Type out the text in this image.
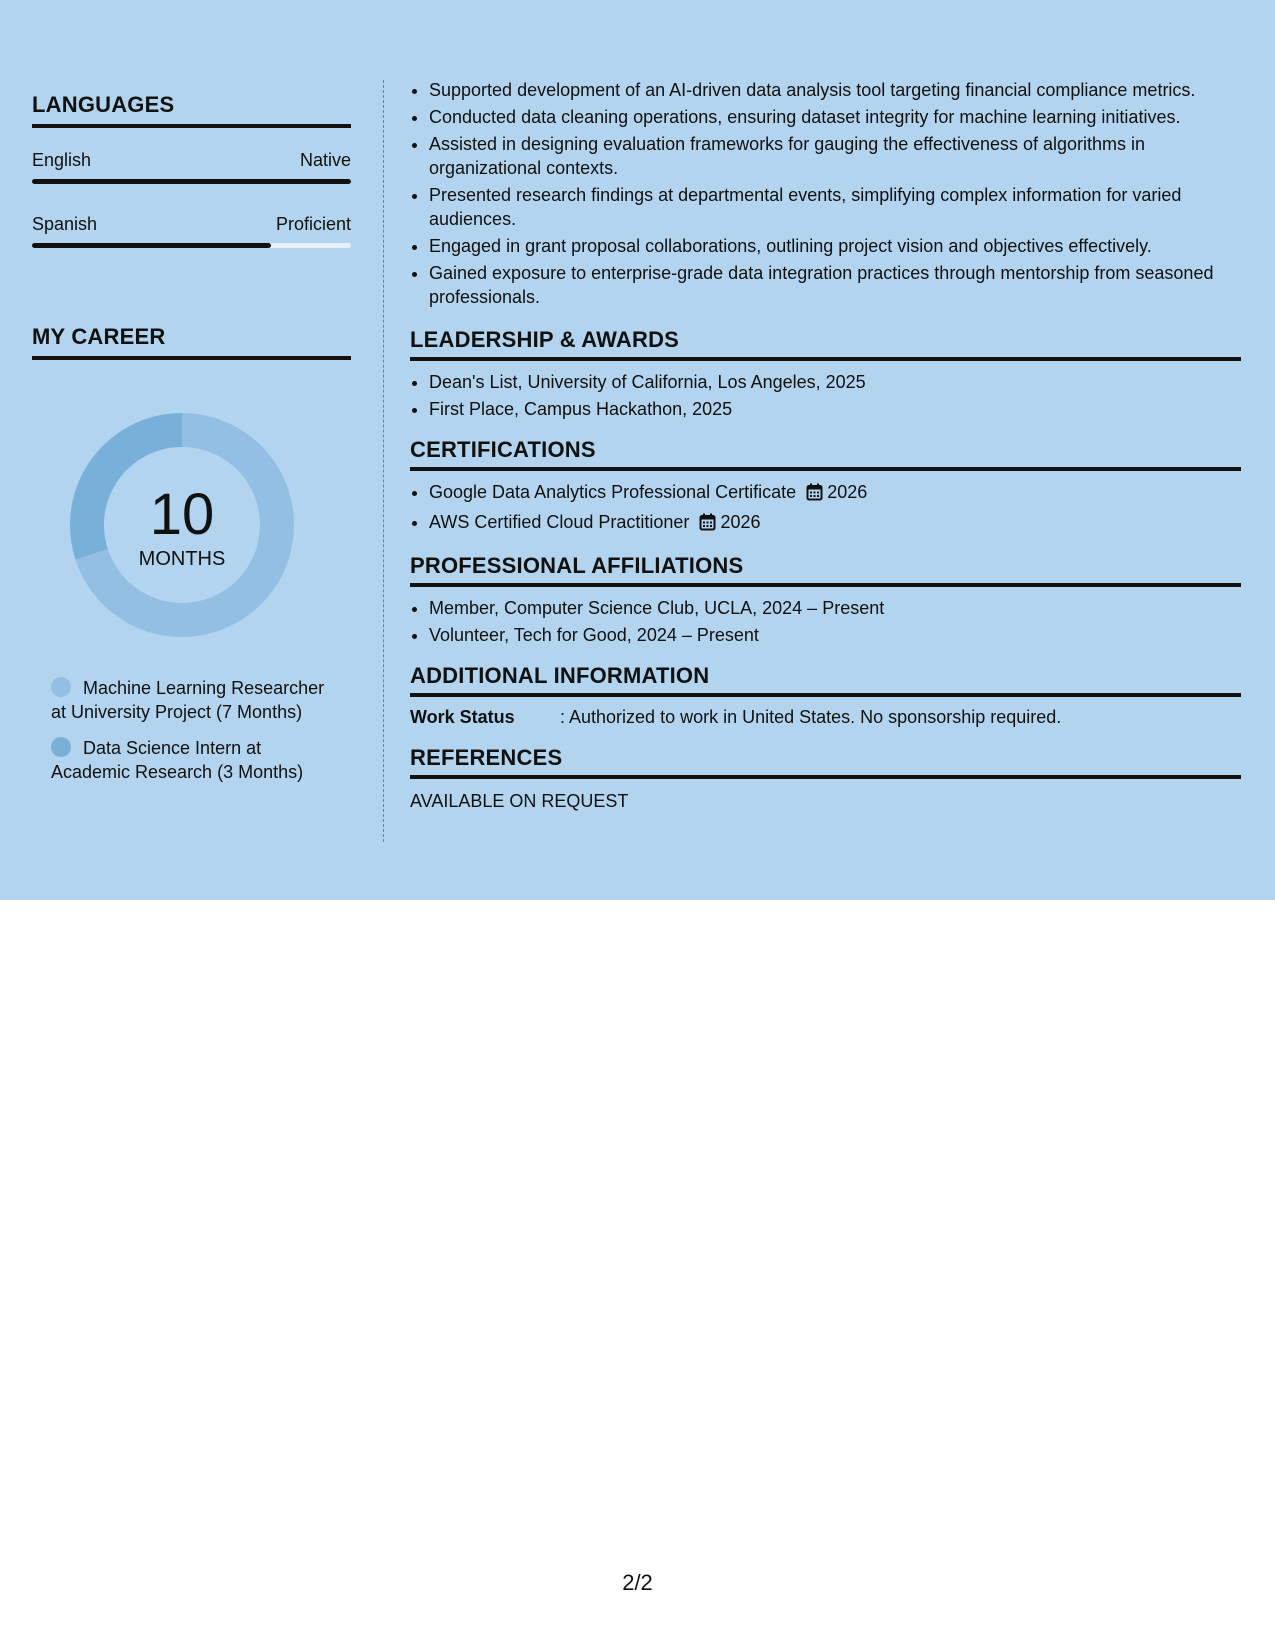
LANGUAGES
English	Native
Spanish	Proficient
MY CAREER
10
MONTHS
Machine Learning Researcher at University Project (7 Months)
Data Science Intern at Academic Research (3 Months)
• Supported development of an AI-driven data analysis tool targeting financial compliance metrics.
• Conducted data cleaning operations, ensuring dataset integrity for machine learning initiatives.
• Assisted in designing evaluation frameworks for gauging the effectiveness of algorithms in organizational contexts.
• Presented research findings at departmental events, simplifying complex information for varied audiences.
• Engaged in grant proposal collaborations, outlining project vision and objectives effectively.
• Gained exposure to enterprise-grade data integration practices through mentorship from seasoned professionals.
LEADERSHIP & AWARDS
• Dean's List, University of California, Los Angeles, 2025
• First Place, Campus Hackathon, 2025
CERTIFICATIONS
• Google Data Analytics Professional Certificate 2026
• AWS Certified Cloud Practitioner 2026
PROFESSIONAL AFFILIATIONS
• Member, Computer Science Club, UCLA, 2024 – Present
• Volunteer, Tech for Good, 2024 – Present
ADDITIONAL INFORMATION
Work Status	: Authorized to work in United States. No sponsorship required.
REFERENCES
AVAILABLE ON REQUEST
2/2
